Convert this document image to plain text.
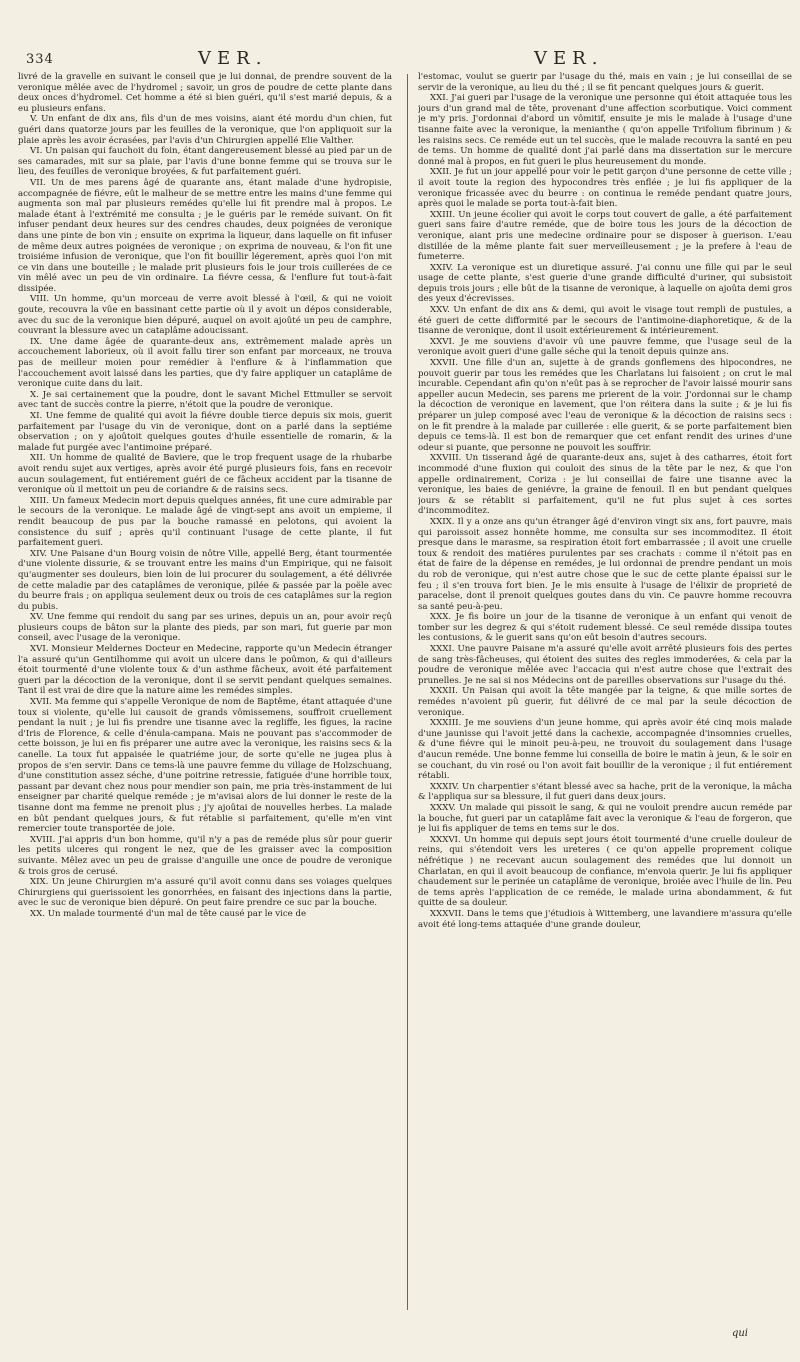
334	VER.	VER.

livré de la gravelle en suivant le conseil que je lui donnai, de prendre souvent de la veronique mêlée avec de l'hydromel ; savoir, un gros de poudre de cette plante dans deux onces d'hydromel. Cet homme a été si bien guéri, qu'il s'est marié depuis, & a eu plusieurs enfans.

V. Un enfant de dix ans, fils d'un de mes voisins, aiant été mordu d'un chien, fut guéri dans quatorze jours par les feuilles de la veronique, que l'on appliquoit sur la plaie après les avoir écrasées, par l'avis d'un Chirurgien appellé Elie Valther.

VI. Un paisan qui fauchoit du foin, étant dangereusement blessé au pied par un de ses camarades, mit sur sa plaie, par l'avis d'une bonne femme qui se trouva sur le lieu, des feuilles de veronique broyées, & fut parfaitement guéri.

VII. Un de mes parens âgé de quarante ans, étant malade d'une hydropisie, accompagnée de fiévre, eût le malheur de se mettre entre les mains d'une femme qui augmenta son mal par plusieurs remédes qu'elle lui fit prendre mal à propos. Le malade étant à l'extrémité me consulta ; je le guéris par le reméde suivant. On fit infuser pendant deux heures sur des cendres chaudes, deux poignées de veronique dans une pinte de bon vin ; ensuite on exprima la liqueur, dans laquelle on fit infuser de même deux autres poignées de veronique ; on exprima de nouveau, & l'on fit une troisiéme infusion de veronique, que l'on fit bouillir légerement, après quoi l'on mit ce vin dans une bouteille ; le malade prit plusieurs fois le jour trois cuillerées de ce vin mêlé avec un peu de vin ordinaire. La fiévre cessa, & l'enflure fut tout-à-fait dissipée.

VIII. Un homme, qu'un morceau de verre avoit blessé à l'œil, & qui ne voioit goute, recouvra la vûe en bassinant cette partie où il y avoit un dépos considerable, avec du suc de la veronique bien dépuré, auquel on avoit ajoûté un peu de camphre, couvrant la blessure avec un cataplâme adoucissant.

IX. Une dame âgée de quarante-deux ans, extrêmement malade après un accouchement laborieux, où il avoit fallu tirer son enfant par morceaux, ne trouva pas de meilleur moien pour remédier à l'enflure & à l'inflammation que l'accouchement avoit laissé dans les parties, que d'y faire appliquer un cataplâme de veronique cuite dans du lait.

X. Je sai certainement que la poudre, dont le savant Michel Ettmuller se servoit avec tant de succès contre la pierre, n'étoit que la poudre de veronique.

XI. Une femme de qualité qui avoit la fiévre double tierce depuis six mois, guerit parfaitement par l'usage du vin de veronique, dont on a parlé dans la septiéme observation ; on y ajoûtoit quelques goutes d'huile essentielle de romarin, & la malade fut purgée avec l'antimoine préparé.

XII. Un homme de qualité de Baviere, que le trop frequent usage de la rhubarbe avoit rendu sujet aux vertiges, après avoir été purgé plusieurs fois, fans en recevoir aucun soulagement, fut entiérement guéri de ce fâcheux accident par la tisanne de veronique où il mettoit un peu de coriandre & de raisins secs.

XIII. Un fameux Medecin mort depuis quelques années, fit une cure admirable par le secours de la veronique. Le malade âgé de vingt-sept ans avoit un empieme, il rendit beaucoup de pus par la bouche ramassé en pelotons, qui avoient la consistence du suif ; après qu'il continuant l'usage de cette plante, il fut parfaitement gueri.

XIV. Une Paisane d'un Bourg voisin de nôtre Ville, appellé Berg, étant tourmentée d'une violente dissurie, & se trouvant entre les mains d'un Empirique, qui ne faisoit qu'augmenter ses douleurs, bien loin de lui procurer du soulagement, a été délivrée de cette maladie par des cataplâmes de veronique, pilée & passée par la poële avec du beurre frais ; on appliqua seulement deux ou trois de ces cataplâmes sur la region du pubis.

XV. Une femme qui rendoit du sang par ses urines, depuis un an, pour avoir reçû plusieurs coups de bâton sur la plante des pieds, par son mari, fut guerie par mon conseil, avec l'usage de la veronique.

XVI. Monsieur Meldernes Docteur en Medecine, rapporte qu'un Medecin étranger l'a assuré qu'un Gentilhomme qui avoit un ulcere dans le poûmon, & qui d'ailleurs étoit tourmenté d'une violente toux & d'un asthme fâcheux, avoit été parfaitement gueri par la décoction de la veronique, dont il se servit pendant quelques semaines. Tant il est vrai de dire que la nature aime les remédes simples.

XVII. Ma femme qui s'appelle Veronique de nom de Baptême, étant attaquée d'une toux si violente, qu'elle lui causoit de grands vômissemens, souffroit cruellement pendant la nuit ; je lui fis prendre une tisanne avec la regliffe, les figues, la racine d'Iris de Florence, & celle d'énula-campana. Mais ne pouvant pas s'accommoder de cette boisson, je lui en fis préparer une autre avec la veronique, les raisins secs & la canelle. La toux fut appaisée le quatriéme jour, de sorte qu'elle ne jugea plus à propos de s'en servir. Dans ce tems-là une pauvre femme du village de Holzschuang, d'une constitution assez séche, d'une poitrine retressie, fatiguée d'une horrible toux, passant par devant chez nous pour mendier son pain, me pria très-instamment de lui enseigner par charité quelque reméde ; je m'avisai alors de lui donner le reste de la tisanne dont ma femme ne prenoit plus ; j'y ajoûtai de nouvelles herbes. La malade en bût pendant quelques jours, & fut rétablie si parfaitement, qu'elle m'en vint remercier toute transportée de joie.

XVIII. J'ai appris d'un bon homme, qu'il n'y a pas de reméde plus sûr pour guerir les petits ulceres qui rongent le nez, que de les graisser avec la composition suivante. Mêlez avec un peu de graisse d'anguille une once de poudre de veronique & trois gros de cerusé.

XIX. Un jeune Chirurgien m'a assuré qu'il avoit connu dans ses voiages quelques Chirurgiens qui guerissoient les gonorrhées, en faisant des injections dans la partie, avec le suc de veronique bien dépuré. On peut faire prendre ce suc par la bouche.

XX. Un malade tourmenté d'un mal de tête causé par le vice de

l'estomac, voulut se guerir par l'usage du thé, mais en vain ; je lui conseillai de se servir de la veronique, au lieu du thé ; il se fit pencant quelques jours & guerit.

XXI. J'ai gueri par l'usage de la veronique une personne qui étoit attaquée tous les jours d'un grand mal de tête, provenant d'une affection scorbutique. Voici comment je m'y pris. J'ordonnai d'abord un vômitif, ensuite je mis le malade à l'usage d'une tisanne faite avec la veronique, la menianthe ( qu'on appelle Trifolium fibrinum ) & les raisins secs. Ce reméde eut un tel succès, que le malade recouvra la santé en peu de tems. Un homme de qualité dont j'ai parlé dans ma dissertation sur le mercure donné mal à propos, en fut gueri le plus heureusement du monde.

XXII. Je fut un jour appellé pour voir le petit garçon d'une personne de cette ville ; il avoit toute la region des hypocondres très enflée ; je lui fis appliquer de la veronique fricassée avec du beurre : on continua le reméde pendant quatre jours, après quoi le malade se porta tout-à-fait bien.

XXIII. Un jeune écolier qui avoit le corps tout couvert de galle, a été parfaitement gueri sans faire d'autre reméde, que de boire tous les jours de la décoction de veronique, aiant pris une medecine ordinaire pour se disposer à guerison. L'eau distillée de la même plante fait suer merveilleusement ; je la prefere à l'eau de fumeterre.

XXIV. La veronique est un diuretique assuré. J'ai connu une fille qui par le seul usage de cette plante, s'est guerie d'une grande difficulté d'uriner, qui subsistoit depuis trois jours ; elle bût de la tisanne de veronique, à laquelle on ajoûta demi gros des yeux d'écrevisses.

XXV. Un enfant de dix ans & demi, qui avoit le visage tout rempli de pustules, a été gueri de cette difformité par le secours de l'antimoine-diaphoretique, & de la tisanne de veronique, dont il usoit extérieurement & intérieurement.

XXVI. Je me souviens d'avoir vû une pauvre femme, que l'usage seul de la veronique avoit gueri d'une galle séche qui la tenoit depuis quinze ans.

XXVII. Une fille d'un an, sujette à de grands gonflemens des hipocondres, ne pouvoit guerir par tous les remédes que les Charlatans lui faisoient ; on crut le mal incurable. Cependant afin qu'on n'eût pas à se reprocher de l'avoir laissé mourir sans appeller aucun Medecin, ses parens me prierent de la voir. J'ordonnai sur le champ la décoction de veronique en lavement, que l'on réitera dans la suite ; & je lui fis préparer un julep composé avec l'eau de veronique & la décoction de raisins secs : on le fit prendre à la malade par cuillerée : elle guerit, & se porte parfaitement bien depuis ce tems-là. Il est bon de remarquer que cet enfant rendit des urines d'une odeur si puante, que personne ne pouvoit les souffrir.

XXVIII. Un tisserand âgé de quarante-deux ans, sujet à des catharres, étoit fort incommodé d'une fluxion qui couloit des sinus de la tête par le nez, & que l'on appelle ordinairement, Coriza : je lui conseillai de faire une tisanne avec la veronique, les baies de geniévre, la graine de fenouil. Il en but pendant quelques jours & se rétablit si parfaitement, qu'il ne fut plus sujet à ces sortes d'incommoditez.

XXIX. Il y a onze ans qu'un étranger âgé d'environ vingt six ans, fort pauvre, mais qui paroissoit assez honnête homme, me consulta sur ses incommoditez. Il étoit presque dans le marasme, sa respiration étoit fort embarrassée ; il avoit une cruelle toux & rendoit des matiéres purulentes par ses crachats : comme il n'étoit pas en état de faire de la dépense en remédes, je lui ordonnai de prendre pendant un mois du rob de veronique, qui n'est autre chose que le suc de cette plante épaissi sur le feu ; il s'en trouva fort bien. Je le mis ensuite à l'usage de l'élixir de proprieté de paracelse, dont il prenoit quelques goutes dans du vin. Ce pauvre homme recouvra sa santé peu-à-peu.

XXX. Je fis boire un jour de la tisanne de veronique à un enfant qui venoit de tomber sur les degrez & qui s'étoit rudement blessé. Ce seul reméde dissipa toutes les contusions, & le guerit sans qu'on eût besoin d'autres secours.

XXXI. Une pauvre Paisane m'a assuré qu'elle avoit arrêté plusieurs fois des pertes de sang très-fâcheuses, qui étoient des suites des regles immoderées, & cela par la poudre de veronique mêlée avec l'accacia qui n'est autre chose que l'extrait des prunelles. Je ne sai si nos Médecins ont de pareilles observations sur l'usage du thé.

XXXII. Un Paisan qui avoit la tête mangée par la teigne, & que mille sortes de remédes n'avoient pû guerir, fut délivré de ce mal par la seule décoction de veronique.

XXXIII. Je me souviens d'un jeune homme, qui après avoir été cinq mois malade d'une jaunisse qui l'avoit jetté dans la cachexie, accompagnée d'insomnies cruelles, & d'une fiévre qui le minoit peu-à-peu, ne trouvoit du soulagement dans l'usage d'aucun reméde. Une bonne femme lui conseilla de boire le matin à jeun, & le soir en se couchant, du vin rosé ou l'on avoit fait bouillir de la veronique ; il fut entiérement rétabli.

XXXIV. Un charpentier s'étant blessé avec sa hache, prit de la veronique, la mâcha & l'appliqua sur sa blessure, il fut gueri dans deux jours.

XXXV. Un malade qui pissoit le sang, & qui ne vouloit prendre aucun reméde par la bouche, fut gueri par un cataplâme fait avec la veronique & l'eau de forgeron, que je lui fis appliquer de tems en tems sur le dos.

XXXVI. Un homme qui depuis sept jours étoit tourmenté d'une cruelle douleur de reins, qui s'étendoit vers les ureteres ( ce qu'on appelle proprement colique néfrétique ) ne recevant aucun soulagement des remédes que lui donnoit un Charlatan, en qui il avoit beaucoup de confiance, m'envoia querir. Je lui fis appliquer chaudement sur le perinée un cataplâme de veronique, broiée avec l'huile de lin. Peu de tems après l'application de ce reméde, le malade urina abondamment, & fut quitte de sa douleur.

XXXVII. Dans le tems que j'étudiois à Wittemberg, une lavandiere m'assura qu'elle avoit été long-tems attaquée d'une grande douleur,

qui
